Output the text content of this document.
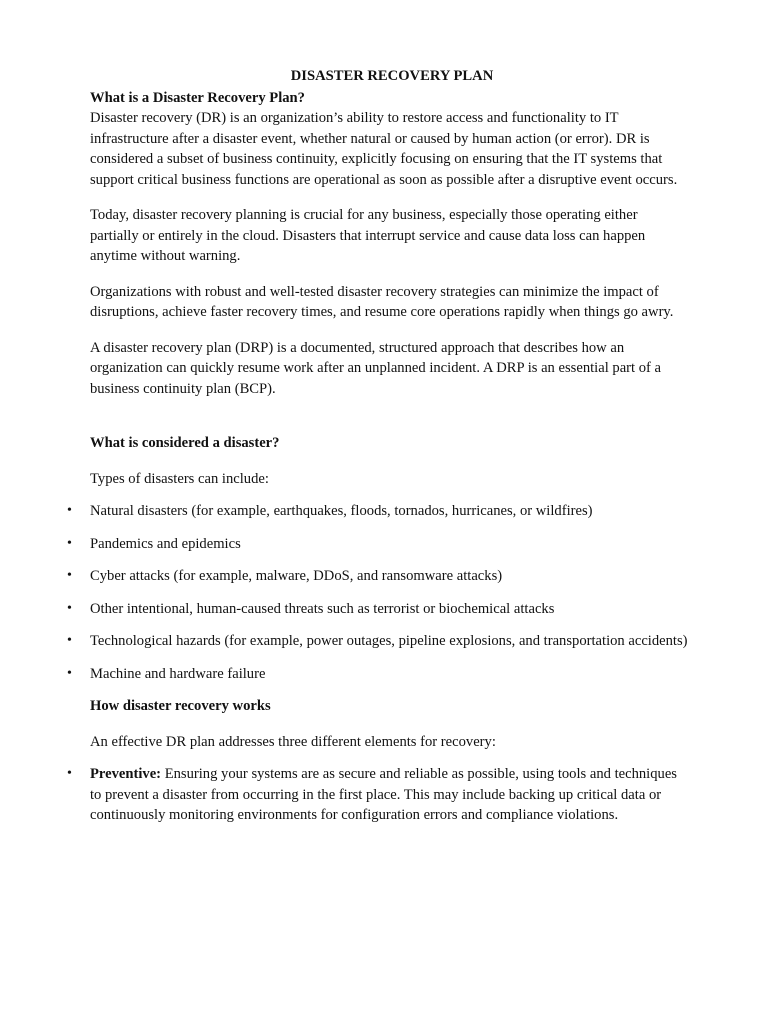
DISASTER RECOVERY PLAN
What is a Disaster Recovery Plan?

Disaster recovery (DR) is an organization’s ability to restore access and functionality to IT infrastructure after a disaster event, whether natural or caused by human action (or error). DR is considered a subset of business continuity, explicitly focusing on ensuring that the IT systems that support critical business functions are operational as soon as possible after a disruptive event occurs.

Today, disaster recovery planning is crucial for any business, especially those operating either partially or entirely in the cloud. Disasters that interrupt service and cause data loss can happen anytime without warning.

Organizations with robust and well-tested disaster recovery strategies can minimize the impact of disruptions, achieve faster recovery times, and resume core operations rapidly when things go awry.

A disaster recovery plan (DRP) is a documented, structured approach that describes how an organization can quickly resume work after an unplanned incident. A DRP is an essential part of a business continuity plan (BCP).

What is considered a disaster?

Types of disasters can include:

• Natural disasters (for example, earthquakes, floods, tornados, hurricanes, or wildfires)
• Pandemics and epidemics
• Cyber attacks (for example, malware, DDoS, and ransomware attacks)
• Other intentional, human-caused threats such as terrorist or biochemical attacks
• Technological hazards (for example, power outages, pipeline explosions, and transportation accidents)
• Machine and hardware failure
How disaster recovery works

An effective DR plan addresses three different elements for recovery:

• Preventive: Ensuring your systems are as secure and reliable as possible, using tools and techniques to prevent a disaster from occurring in the first place. This may include backing up critical data or continuously monitoring environments for configuration errors and compliance violations.
